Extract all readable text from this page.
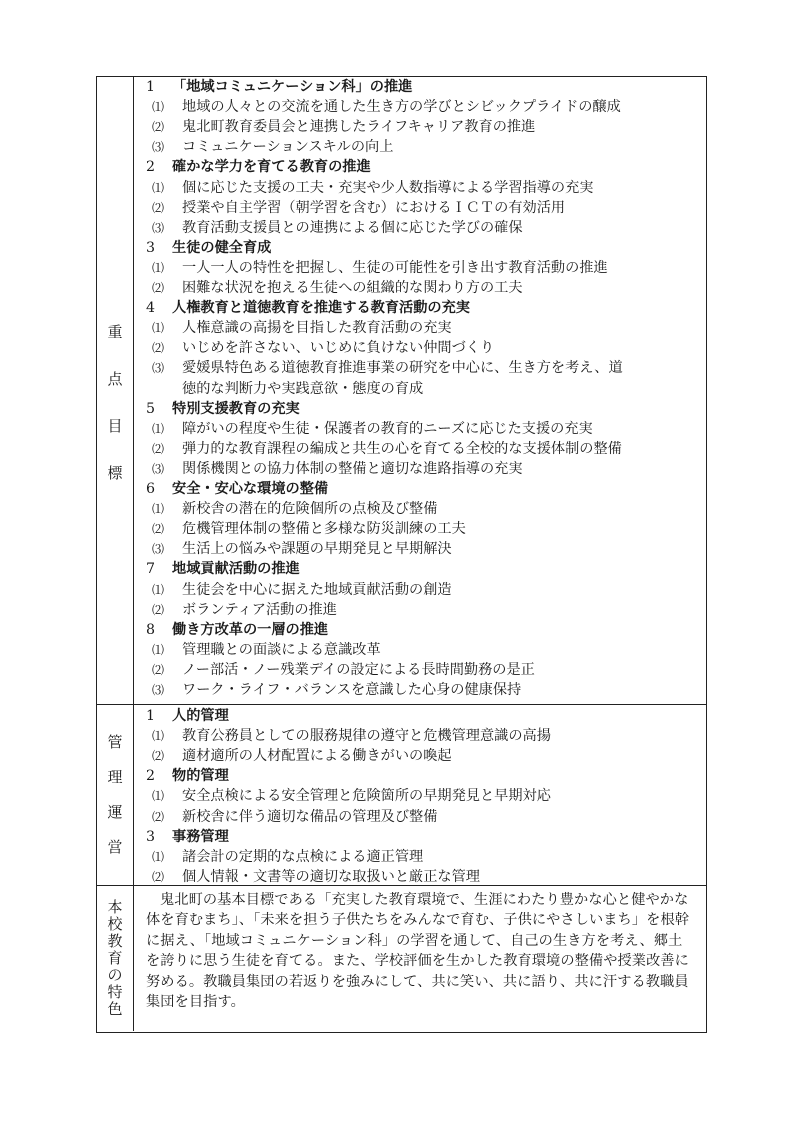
重
点
目
標
1 「地域コミュニケーション科」の推進
⑴ 地域の人々との交流を通した生き方の学びとシビックプライドの醸成
⑵ 鬼北町教育委員会と連携したライフキャリア教育の推進
⑶ コミュニケーションスキルの向上
2 確かな学力を育てる教育の推進
⑴ 個に応じた支援の工夫・充実や少人数指導による学習指導の充実
⑵ 授業や自主学習（朝学習を含む）におけるＩＣＴの有効活用
⑶ 教育活動支援員との連携による個に応じた学びの確保
3 生徒の健全育成
⑴ 一人一人の特性を把握し、生徒の可能性を引き出す教育活動の推進
⑵ 困難な状況を抱える生徒への組織的な関わり方の工夫
4 人権教育と道徳教育を推進する教育活動の充実
⑴ 人権意識の高揚を目指した教育活動の充実
⑵ いじめを許さない、いじめに負けない仲間づくり
⑶ 愛媛県特色ある道徳教育推進事業の研究を中心に、生き方を考え、道
徳的な判断力や実践意欲・態度の育成
5 特別支援教育の充実
⑴ 障がいの程度や生徒・保護者の教育的ニーズに応じた支援の充実
⑵ 弾力的な教育課程の編成と共生の心を育てる全校的な支援体制の整備
⑶ 関係機関との協力体制の整備と適切な進路指導の充実
6 安全・安心な環境の整備
⑴ 新校舎の潜在的危険個所の点検及び整備
⑵ 危機管理体制の整備と多様な防災訓練の工夫
⑶ 生活上の悩みや課題の早期発見と早期解決
7 地域貢献活動の推進
⑴ 生徒会を中心に据えた地域貢献活動の創造
⑵ ボランティア活動の推進
8 働き方改革の一層の推進
⑴ 管理職との面談による意識改革
⑵ ノー部活・ノー残業デイの設定による長時間勤務の是正
⑶ ワーク・ライフ・バランスを意識した心身の健康保持
管
理
運
営
1 人的管理
⑴ 教育公務員としての服務規律の遵守と危機管理意識の高揚
⑵ 適材適所の人材配置による働きがいの喚起
2 物的管理
⑴ 安全点検による安全管理と危険箇所の早期発見と早期対応
⑵ 新校舎に伴う適切な備品の管理及び整備
3 事務管理
⑴ 諸会計の定期的な点検による適正管理
⑵ 個人情報・文書等の適切な取扱いと厳正な管理
本
校
教
育
の
特
色
鬼北町の基本目標である「充実した教育環境で、生涯にわたり豊かな心と健やかな体を育むまち」、「未来を担う子供たちをみんなで育む、子供にやさしいまち」を根幹に据え、「地域コミュニケーション科」の学習を通して、自己の生き方を考え、郷土を誇りに思う生徒を育てる。また、学校評価を生かした教育環境の整備や授業改善に努める。教職員集団の若返りを強みにして、共に笑い、共に語り、共に汗する教職員集団を目指す。
